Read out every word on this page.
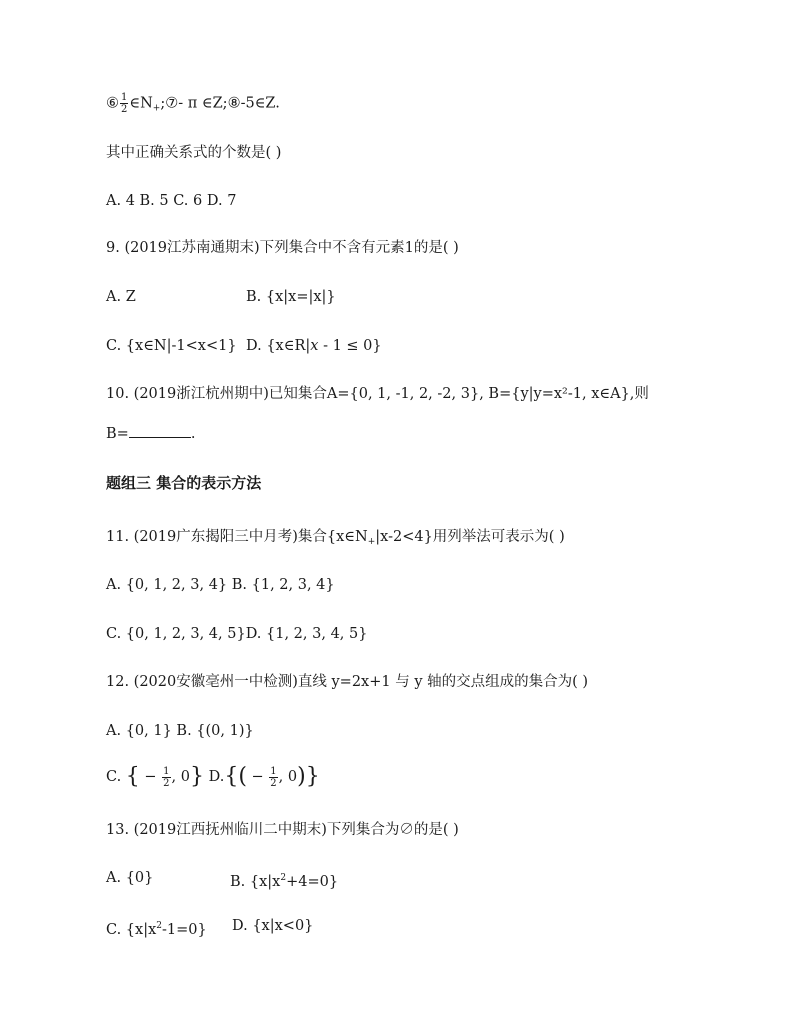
⑥ $\frac{1}{2}$ $\in N_+;⑦-$ π ∈Z;⑧-5∈Z.
其中正确关系式的个数是( )
A. 4 B. 5 C. 6 D. 7
9. (2019江苏南通期末)下列集合中不含有元素1的是( )
A. Z	B. {x|x=|x|}
C. {x∈N|-1<x<1} D. {x∈R|x - 1 ≤ 0}
10. (2019浙江杭州期中)已知集合A={0, 1, -1, 2, -2, 3}, B={y|y=x²-1, x∈A},则
B=	.
题组三 集合的表示方法
11. (2019广东揭阳三中月考)集合$\{x\in N_+|x-2<4\}$用列举法可表示为( )
A. {0, 1, 2, 3, 4} B. {1, 2, 3, 4}
C. {0, 1, 2, 3, 4, 5}D. {1, 2, 3, 4, 5}
12. (2020安徽亳州一中检测)直线 y=2x+1 与 y 轴的交点组成的集合为( )
A. {0, 1} B. {(0, 1)}
C. { − $\frac{1}{2}$ , 0} $D.\{( - \frac{1}{2}$ , 0)}
13. (2019江西抚州临川二中期末)下列集合为∅的是( )
A. {0}	B. $\{x|x^2+4=0\}$
C. $\{x|x^2-1=0\}$ D. {x|x<0}
